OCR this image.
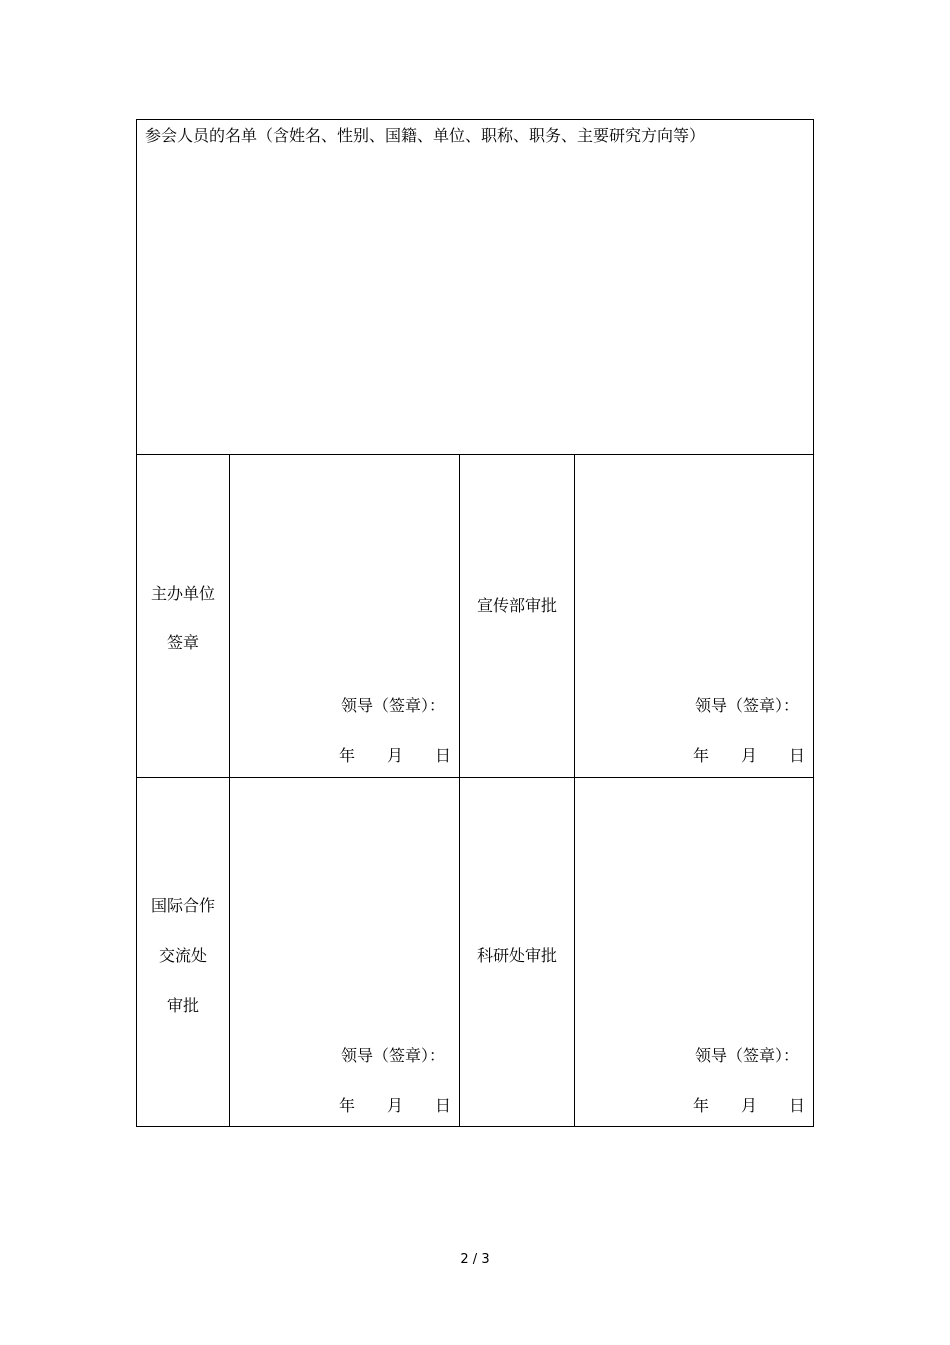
参会人员的名单（含姓名、性别、国籍、单位、职称、职务、主要研究方向等）
主办单位
签章
领导（签章）：
年 月 日
宣传部审批
领导（签章）：
年 月 日
国际合作
交流处
审批
领导（签章）：
年 月 日
科研处审批
领导（签章）：
年 月 日
2 / 3
